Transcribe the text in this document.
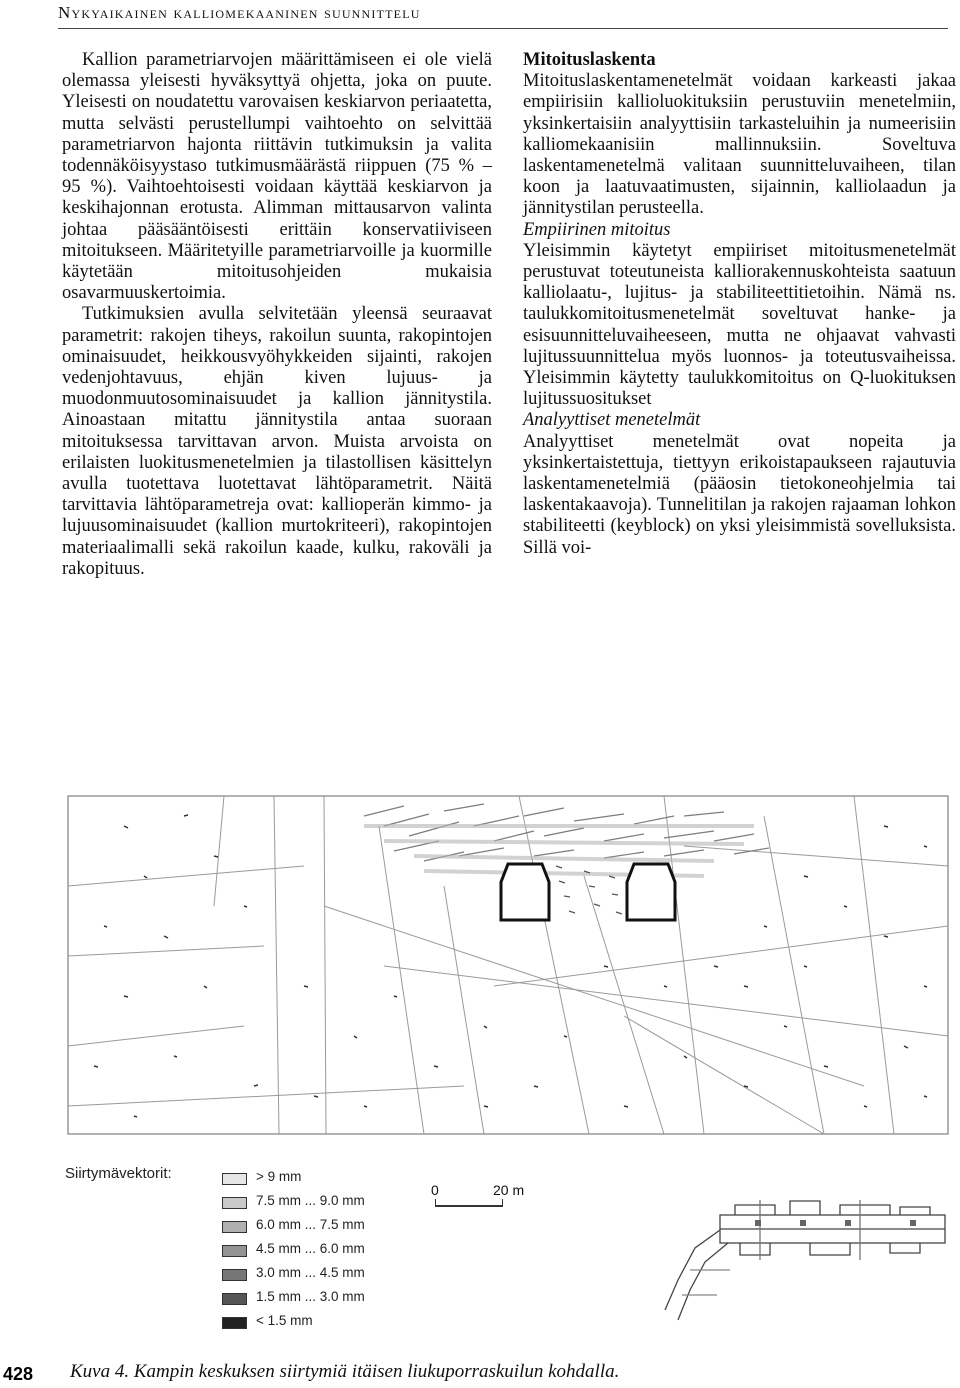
Nykyaikainen kalliomekaaninen suunnittelu

Kallion parametriarvojen määrittämiseen ei ole vielä olemassa yleisesti hyväksyttyä ohjetta, joka on puute. Yleisesti on noudatettu varovaisen keskiarvon periaatetta, mutta selvästi perustellumpi vaihtoehto on selvittää parametriarvon hajonta riittävin tutkimuksin ja valita todennäköisyystaso tutkimusmäärästä riippuen (75 % – 95 %). Vaihtoehtoisesti voidaan käyttää keskiarvon ja keskihajonnan erotusta. Alimman mittausarvon valinta johtaa pääsääntöisesti erittäin konservatiiviseen mitoitukseen. Määritetyille parametriarvoille ja kuormille käytetään mitoitusohjeiden mukaisia osavarmuuskertoimia.

Tutkimuksien avulla selvitetään yleensä seuraavat parametrit: rakojen tiheys, rakoilun suunta, rakopintojen ominaisuudet, heikkousvyöhykkeiden sijainti, rakojen vedenjohtavuus, ehjän kiven lujuus- ja muodonmuutosominaisuudet ja kallion jännitystila. Ainoastaan mitattu jännitystila antaa suoraan mitoituksessa tarvittavan arvon. Muista arvoista on erilaisten luokitusmenetelmien ja tilastollisen käsittelyn avulla tuotettava luotettavat lähtöparametrit. Näitä tarvittavia lähtöparametreja ovat: kallioperän kimmo- ja lujuusominaisuudet (kallion murtokriteeri), rakopintojen materiaalimalli sekä rakoilun kaade, kulku, rakoväli ja rakopituus.

Mitoituslaskenta

Mitoituslaskentamenetelmät voidaan karkeasti jakaa empiirisiin kallioluokituksiin perustuviin menetelmiin, yksinkertaisiin analyyttisiin tarkasteluihin ja numeerisiin kalliomekaanisiin mallinnuksiin. Soveltuva laskentamenetelmä valitaan suunnitteluvaiheen, tilan koon ja laatuvaatimusten, sijainnin, kalliolaadun ja jännitystilan perusteella.

Empiirinen mitoitus

Yleisimmin käytetyt empiiriset mitoitusmenetelmät perustuvat toteutuneista kalliorakennuskohteista saatuun kalliolaatu-, lujitus- ja stabiliteettitietoihin. Nämä ns. taulukkomitoitusmenetelmät soveltuvat hanke- ja esisuunnitteluvaiheeseen, mutta ne ohjaavat vahvasti lujitussuunnittelua myös luonnos- ja toteutusvaiheissa. Yleisimmin käytetty taulukkomitoitus on Q-luokituksen lujitussuositukset

Analyyttiset menetelmät

Analyyttiset menetelmät ovat nopeita ja yksinkertaistettuja, tiettyyn erikoistapaukseen rajautuvia laskentamenetelmiä (pääosin tietokoneohjelmia tai laskentakaavoja). Tunnelitilan ja rakojen rajaaman lohkon stabiliteetti (keyblock) on yksi yleisimmistä sovelluksista. Sillä voi-

Siirtymävektorit:	> 9 mm
7.5 mm ... 9.0 mm
6.0 mm ... 7.5 mm
4.5 mm ... 6.0 mm
3.0 mm ... 4.5 mm
1.5 mm ... 3.0 mm
< 1.5 mm
0	20 m
428	Kuva 4. Kampin keskuksen siirtymiä itäisen liukuporraskuilun kohdalla.
